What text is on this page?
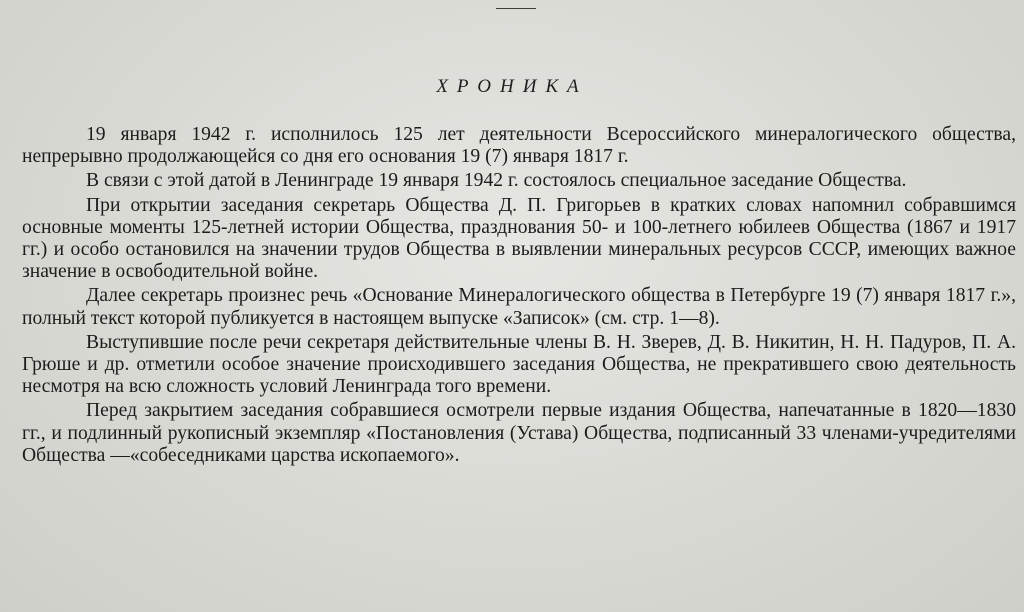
ХРОНИКА

19 января 1942 г. исполнилось 125 лет деятельности Всероссийского минералогического общества, непрерывно продолжающейся со дня его основания 19 (7) января 1817 г.

В связи с этой датой в Ленинграде 19 января 1942 г. состоялось специальное заседание Общества.

При открытии заседания секретарь Общества Д. П. Григорьев в кратких словах напомнил собравшимся основные моменты 125-летней истории Общества, празднования 50- и 100-летнего юбилеев Общества (1867 и 1917 гг.) и особо остановился на значении трудов Общества в выявлении минеральных ресурсов СССР, имеющих важное значение в освободительной войне.

Далее секретарь произнес речь «Основание Минералогического общества в Петербурге 19 (7) января 1817 г.», полный текст которой публикуется в настоящем выпуске «Записок» (см. стр. 1—8).

Выступившие после речи секретаря действительные члены В. Н. Зверев, Д. В. Никитин, Н. Н. Падуров, П. А. Грюше и др. отметили особое значение происходившего заседания Общества, не прекратившего свою деятельность несмотря на всю сложность условий Ленинграда того времени.

Перед закрытием заседания собравшиеся осмотрели первые издания Общества, напечатанные в 1820—1830 гг., и подлинный рукописный экземпляр «Постановления (Устава) Общества, подписанный 33 членами-учредителями Общества —«собеседниками царства ископаемого».
